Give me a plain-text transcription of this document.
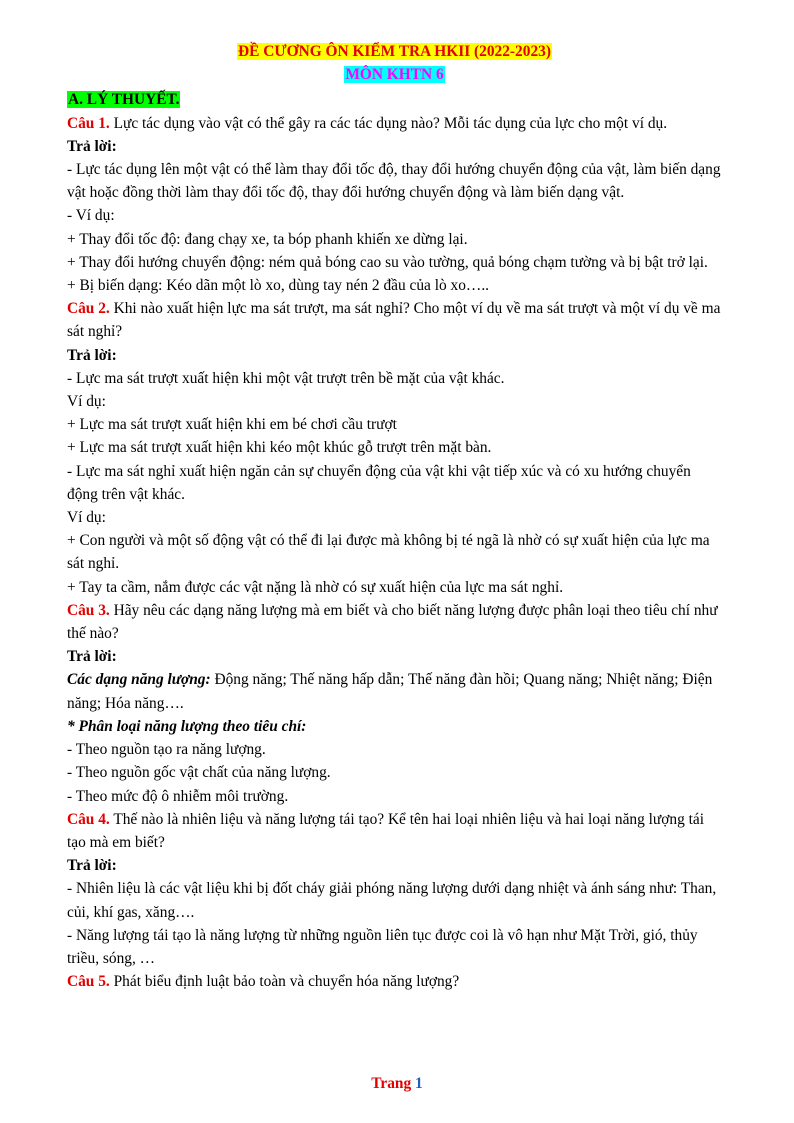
ĐỀ CƯƠNG ÔN KIỂM TRA HKII (2022-2023)
MÔN KHTN 6
A. LÝ THUYẾT.

Câu 1. Lực tác dụng vào vật có thể gây ra các tác dụng nào? Mỗi tác dụng của lực cho một ví dụ.

Trả lời:

- Lực tác dụng lên một vật có thể làm thay đổi tốc độ, thay đổi hướng chuyển động của vật, làm biến dạng vật hoặc đồng thời làm thay đổi tốc độ, thay đổi hướng chuyển động và làm biến dạng vật.

- Ví dụ:

+ Thay đổi tốc độ: đang chạy xe, ta bóp phanh khiến xe dừng lại.

+ Thay đổi hướng chuyển động: ném quả bóng cao su vào tường, quả bóng chạm tường và bị bật trở lại.

+ Bị biến dạng: Kéo dãn một lò xo, dùng tay nén 2 đầu của lò xo…..

Câu 2. Khi nào xuất hiện lực ma sát trượt, ma sát nghỉ? Cho một ví dụ về ma sát trượt và một ví dụ về ma sát nghỉ?

Trả lời:

- Lực ma sát trượt xuất hiện khi một vật trượt trên bề mặt của vật khác.

Ví dụ:

+ Lực ma sát trượt xuất hiện khi em bé chơi cầu trượt

+ Lực ma sát trượt xuất hiện khi kéo một khúc gỗ trượt trên mặt bàn.

- Lực ma sát nghỉ xuất hiện ngăn cản sự chuyển động của vật khi vật tiếp xúc và có xu hướng chuyển động trên vật khác.

Ví dụ:

+ Con người và một số động vật có thể đi lại được mà không bị té ngã là nhờ có sự xuất hiện của lực ma sát nghỉ.

+ Tay ta cầm, nắm được các vật nặng là nhờ có sự xuất hiện của lực ma sát nghỉ.

Câu 3. Hãy nêu các dạng năng lượng mà em biết và cho biết năng lượng được phân loại theo tiêu chí như thế nào?

Trả lời:

Các dạng năng lượng: Động năng; Thế năng hấp dẫn; Thế năng đàn hồi; Quang năng; Nhiệt năng; Điện năng; Hóa năng….

* Phân loại năng lượng theo tiêu chí:

- Theo nguồn tạo ra năng lượng.

- Theo nguồn gốc vật chất của năng lượng.

- Theo mức độ ô nhiễm môi trường.

Câu 4. Thế nào là nhiên liệu và năng lượng tái tạo? Kể tên hai loại nhiên liệu và hai loại năng lượng tái tạo mà em biết?

Trả lời:

- Nhiên liệu là các vật liệu khi bị đốt cháy giải phóng năng lượng dưới dạng nhiệt và ánh sáng như: Than, củi, khí gas, xăng….

- Năng lượng tái tạo là năng lượng từ những nguồn liên tục được coi là vô hạn như Mặt Trời, gió, thủy triều, sóng, …

Câu 5. Phát biểu định luật bảo toàn và chuyển hóa năng lượng?

Trang 1
